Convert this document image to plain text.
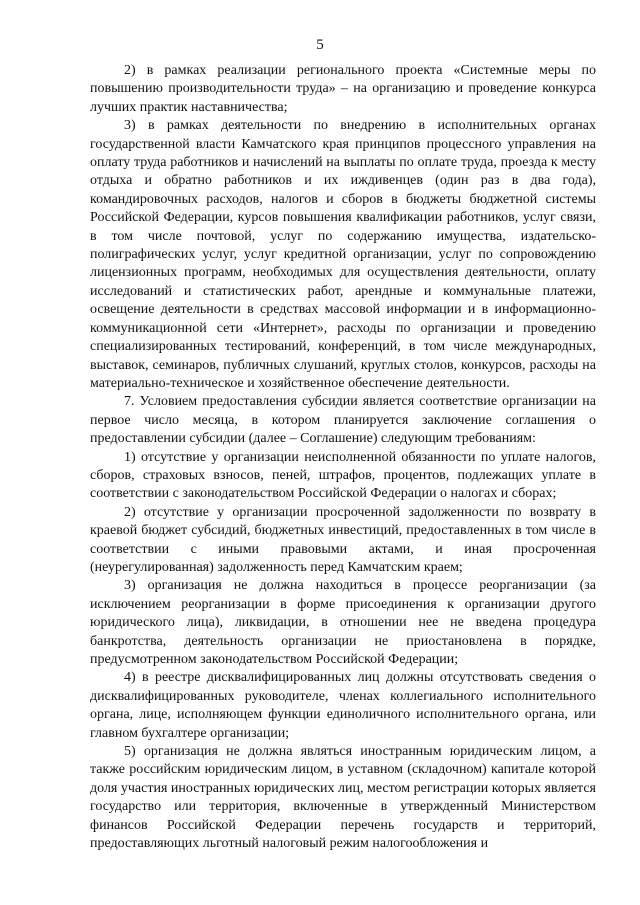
5

2) в рамках реализации регионального проекта «Системные меры по повышению производительности труда» – на организацию и проведение конкурса лучших практик наставничества;

3) в рамках деятельности по внедрению в исполнительных органах государственной власти Камчатского края принципов процессного управления на оплату труда работников и начислений на выплаты по оплате труда, проезда к месту отдыха и обратно работников и их иждивенцев (один раз в два года), командировочных расходов, налогов и сборов в бюджеты бюджетной системы Российской Федерации, курсов повышения квалификации работников, услуг связи, в том числе почтовой, услуг по содержанию имущества, издательско-полиграфических услуг, услуг кредитной организации, услуг по сопровождению лицензионных программ, необходимых для осуществления деятельности, оплату исследований и статистических работ, арендные и коммунальные платежи, освещение деятельности в средствах массовой информации и в информационно-коммуникационной сети «Интернет», расходы по организации и проведению специализированных тестирований, конференций, в том числе международных, выставок, семинаров, публичных слушаний, круглых столов, конкурсов, расходы на материально-техническое и хозяйственное обеспечение деятельности.

7. Условием предоставления субсидии является соответствие организации на первое число месяца, в котором планируется заключение соглашения о предоставлении субсидии (далее – Соглашение) следующим требованиям:

1) отсутствие у организации неисполненной обязанности по уплате налогов, сборов, страховых взносов, пеней, штрафов, процентов, подлежащих уплате в соответствии с законодательством Российской Федерации о налогах и сборах;

2) отсутствие у организации просроченной задолженности по возврату в краевой бюджет субсидий, бюджетных инвестиций, предоставленных в том числе в соответствии с иными правовыми актами, и иная просроченная (неурегулированная) задолженность перед Камчатским краем;

3) организация не должна находиться в процессе реорганизации (за исключением реорганизации в форме присоединения к организации другого юридического лица), ликвидации, в отношении нее не введена процедура банкротства, деятельность организации не приостановлена в порядке, предусмотренном законодательством Российской Федерации;

4) в реестре дисквалифицированных лиц должны отсутствовать сведения о дисквалифицированных руководителе, членах коллегиального исполнительного органа, лице, исполняющем функции единоличного исполнительного органа, или главном бухгалтере организации;

5) организация не должна являться иностранным юридическим лицом, а также российским юридическим лицом, в уставном (складочном) капитале которой доля участия иностранных юридических лиц, местом регистрации которых является государство или территория, включенные в утвержденный Министерством финансов Российской Федерации перечень государств и территорий, предоставляющих льготный налоговый режим налогообложения и
